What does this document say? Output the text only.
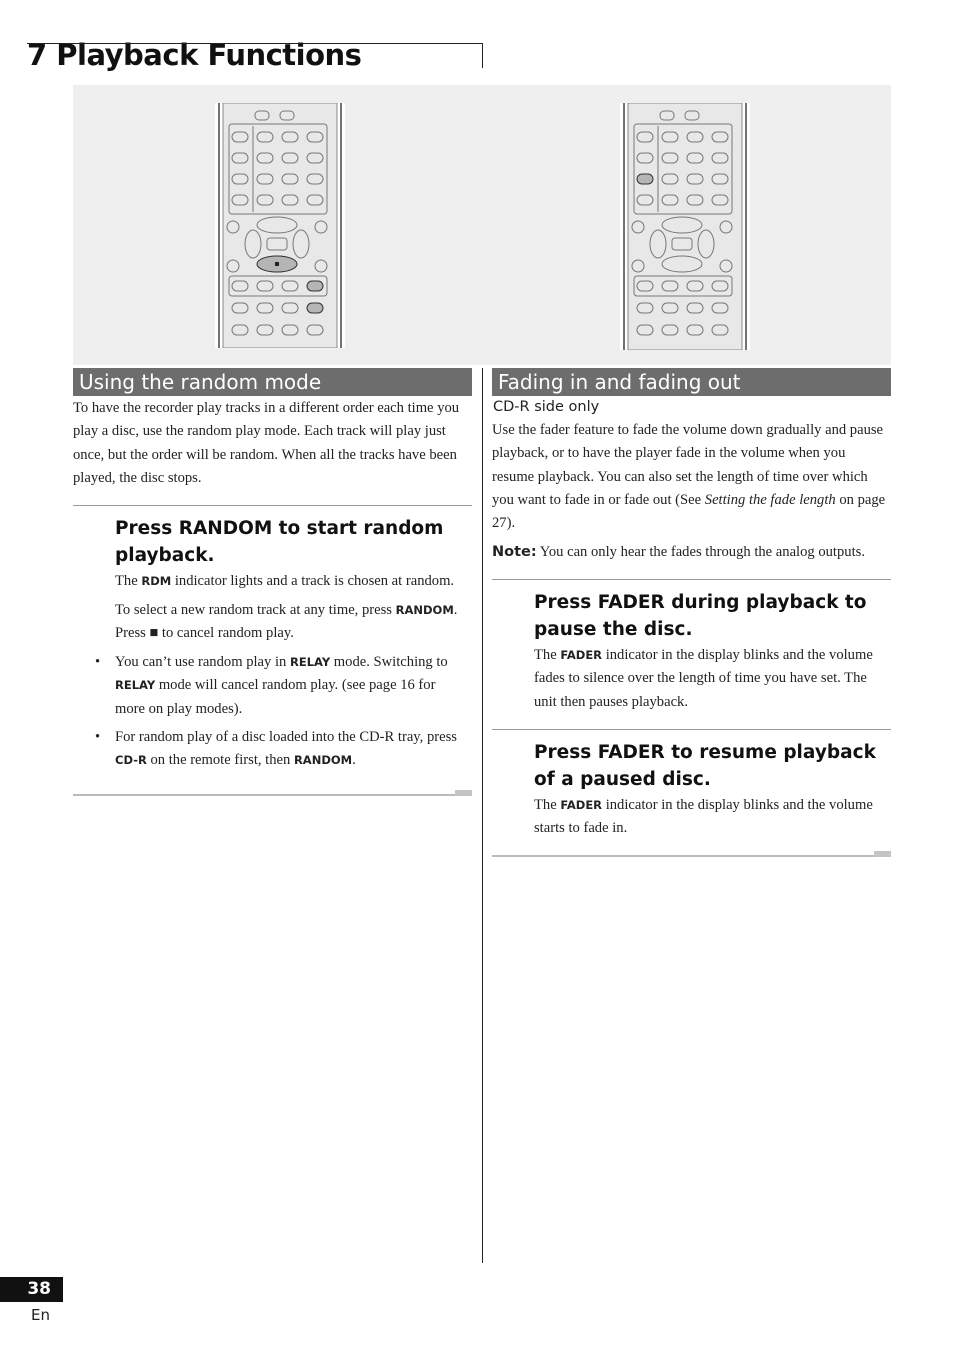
7 Playback Functions
Using the random mode
To have the recorder play tracks in a different order each time you play a disc, use the random play mode. Each track will play just once, but the order will be random. When all the tracks have been played, the disc stops.
Press RANDOM to start random playback.
The RDM indicator lights and a track is chosen at random.
To select a new random track at any time, press RANDOM. Press ■ to cancel random play.
• You can’t use random play in RELAY mode. Switching to RELAY mode will cancel random play. (see page 16 for more on play modes).
• For random play of a disc loaded into the CD-R tray, press CD-R on the remote first, then RANDOM.
Fading in and fading out
CD-R side only
Use the fader feature to fade the volume down gradually and pause playback, or to have the player fade in the volume when you resume playback. You can also set the length of time over which you want to fade in or fade out (See Setting the fade length on page 27).
Note: You can only hear the fades through the analog outputs.
Press FADER during playback to pause the disc.
The FADER indicator in the display blinks and the volume fades to silence over the length of time you have set. The unit then pauses playback.
Press FADER to resume playback of a paused disc.
The FADER indicator in the display blinks and the volume starts to fade in.
38
En
